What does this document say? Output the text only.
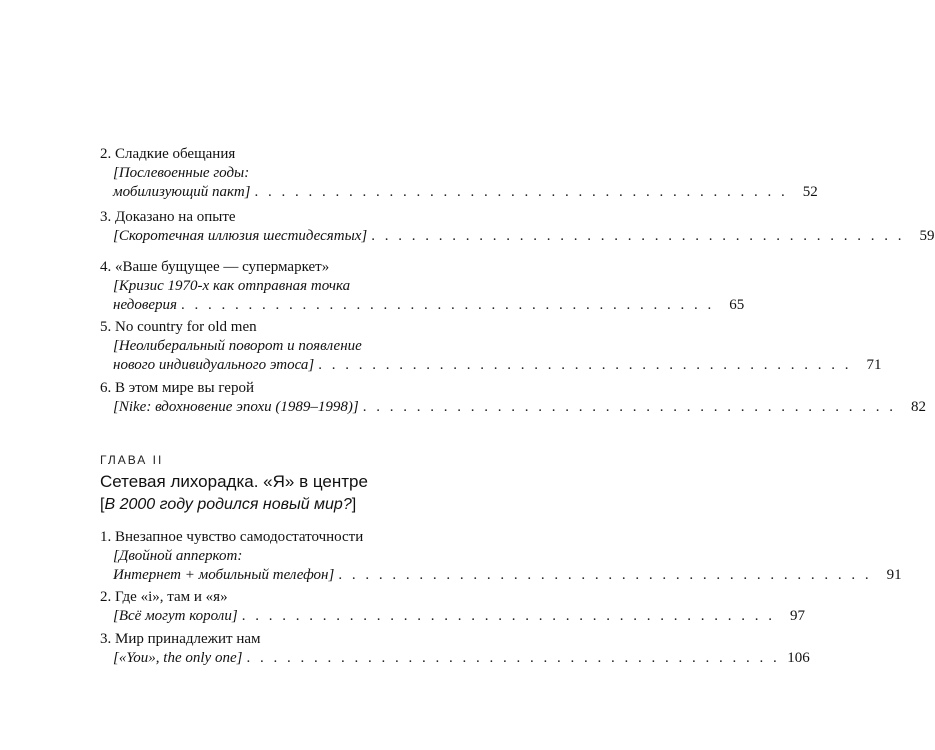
2. Сладкие обещания
[Послевоенные годы:
мобилизующий пакт] . . . . . . . . . . . . . . . . . . . . . . . . . . . . . . . . . . . . . . . .	52
3. Доказано на опыте
[Скоротечная иллюзия шестидесятых] . . . . . . . . . . . . . . . . . . . . . . . . . . . . . . . . . . . . . . . .	59
4. «Ваше бущущее — супермаркет»
[Кризис 1970-х как отправная точка
недоверия . . . . . . . . . . . . . . . . . . . . . . . . . . . . . . . . . . . . . . . .	65
5. No country for old men
[Неолиберальный поворот и появление
нового индивидуального этоса] . . . . . . . . . . . . . . . . . . . . . . . . . . . . . . . . . . . . . . . .	71
6. В этом мире вы герой
[Nike: вдохновение эпохи (1989–1998)] . . . . . . . . . . . . . . . . . . . . . . . . . . . . . . . . . . . . . . . .	82
ГЛАВА II
Сетевая лихорадка. «Я» в центре
[В 2000 году родился новый мир?]
1. Внезапное чувство самодостаточности
[Двойной апперкот:
Интернет + мобильный телефон] . . . . . . . . . . . . . . . . . . . . . . . . . . . . . . . . . . . . . . . .	91
2. Где «i», там и «я»
[Всё могут короли] . . . . . . . . . . . . . . . . . . . . . . . . . . . . . . . . . . . . . . . .	97
3. Мир принадлежит нам
[«You», the only one] . . . . . . . . . . . . . . . . . . . . . . . . . . . . . . . . . . . . . . . . 106
